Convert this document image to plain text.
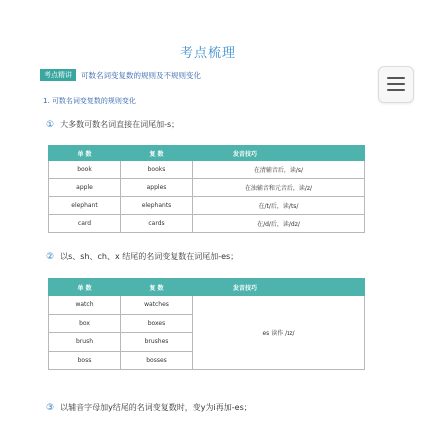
考点梳理
考点精讲	可数名词变复数的规则及不规则变化
1. 可数名词变复数的规则变化
① 大多数可数名词直接在词尾加-s；
单 数	复 数	发音技巧
book	books	在清辅音后，读/s/
apple	apples	在浊辅音和元音后，读/z/
elephant	elephants	在/t/后，读/ts/
card	cards	在/d/后，读/dz/
② 以s、sh、ch、x 结尾的名词变复数在词尾加-es；
单 数	复 数	发音技巧
watch	watches	es 读作 /ɪz/
box	boxes	
brush	brushes	
boss	bosses	
③ 以辅音字母加y结尾的名词变复数时，变y为i再加-es；
